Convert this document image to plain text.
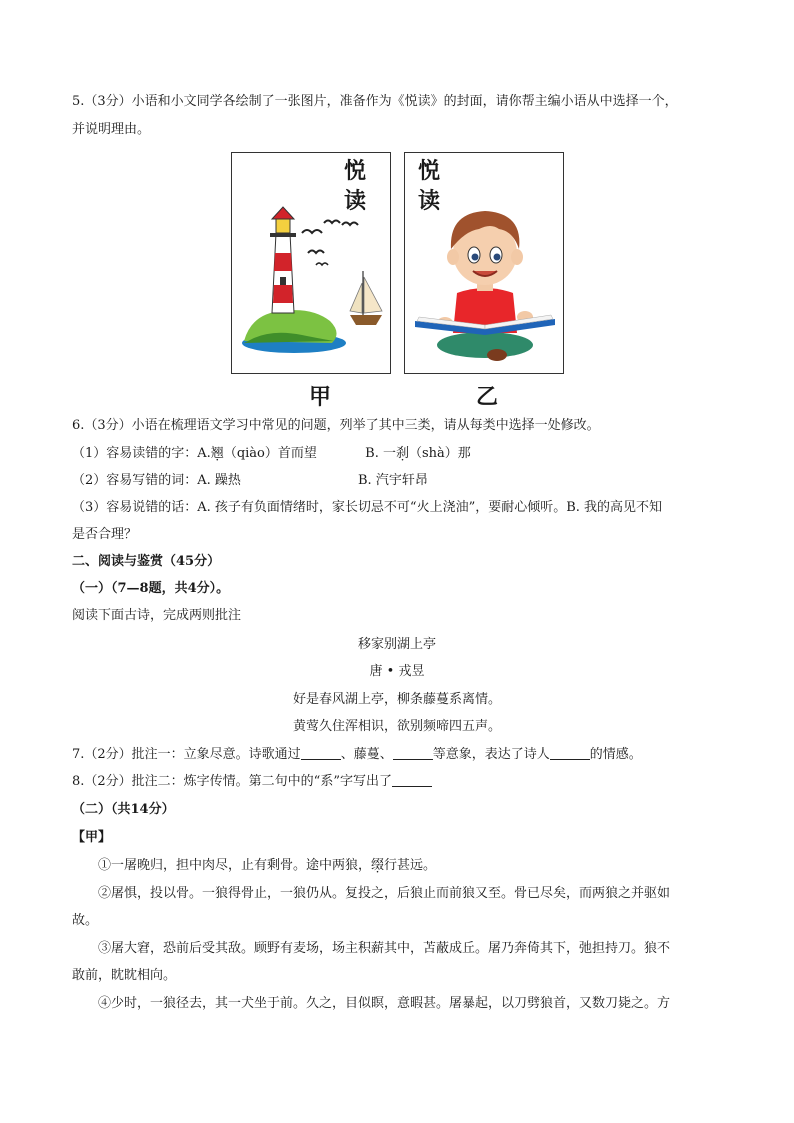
5.（3分）小语和小文同学各绘制了一张图片，准备作为《悦读》的封面，请你帮主编小语从中选择一个，
并说明理由。
悦
读
甲
悦
读
乙
6.（3分）小语在梳理语文学习中常见的问题，列举了其中三类，请从每类中选择一处修改。
（1）容易读错的字：A.翘（qiào）首而望	B. 一刹（shà）那
（2）容易写错的词：A. 躁热	B. 汽宇轩昂
（3）容易说错的话：A. 孩子有负面情绪时，家长切忌不可“火上浇油”，要耐心倾听。B. 我的高见不知
是否合理？
二、阅读与鉴赏（45分）
（一）（7—8题，共4分）。
阅读下面古诗，完成两则批注
移家别湖上亭
唐 • 戎昱
好是春风湖上亭，柳条藤蔓系离情。
黄莺久住浑相识，欲别频啼四五声。
7.（2分）批注一：立象尽意。诗歌通过	、藤蔓、	等意象，表达了诗人	的情感。
8.（2分）批注二：炼字传情。第二句中的“系”字写出了
（二）（共14分）
【甲】
①一屠晚归，担中肉尽，止有剩骨。途中两狼，缀行甚远。
②屠惧，投以骨。一狼得骨止，一狼仍从。复投之，后狼止而前狼又至。骨已尽矣，而两狼之并驱如
故。
③屠大窘，恐前后受其敌。顾野有麦场，场主积薪其中，苫蔽成丘。屠乃奔倚其下，弛担持刀。狼不
敢前，眈眈相向。
④少时，一狼径去，其一犬坐于前。久之，目似瞑，意暇甚。屠暴起，以刀劈狼首，又数刀毙之。方
